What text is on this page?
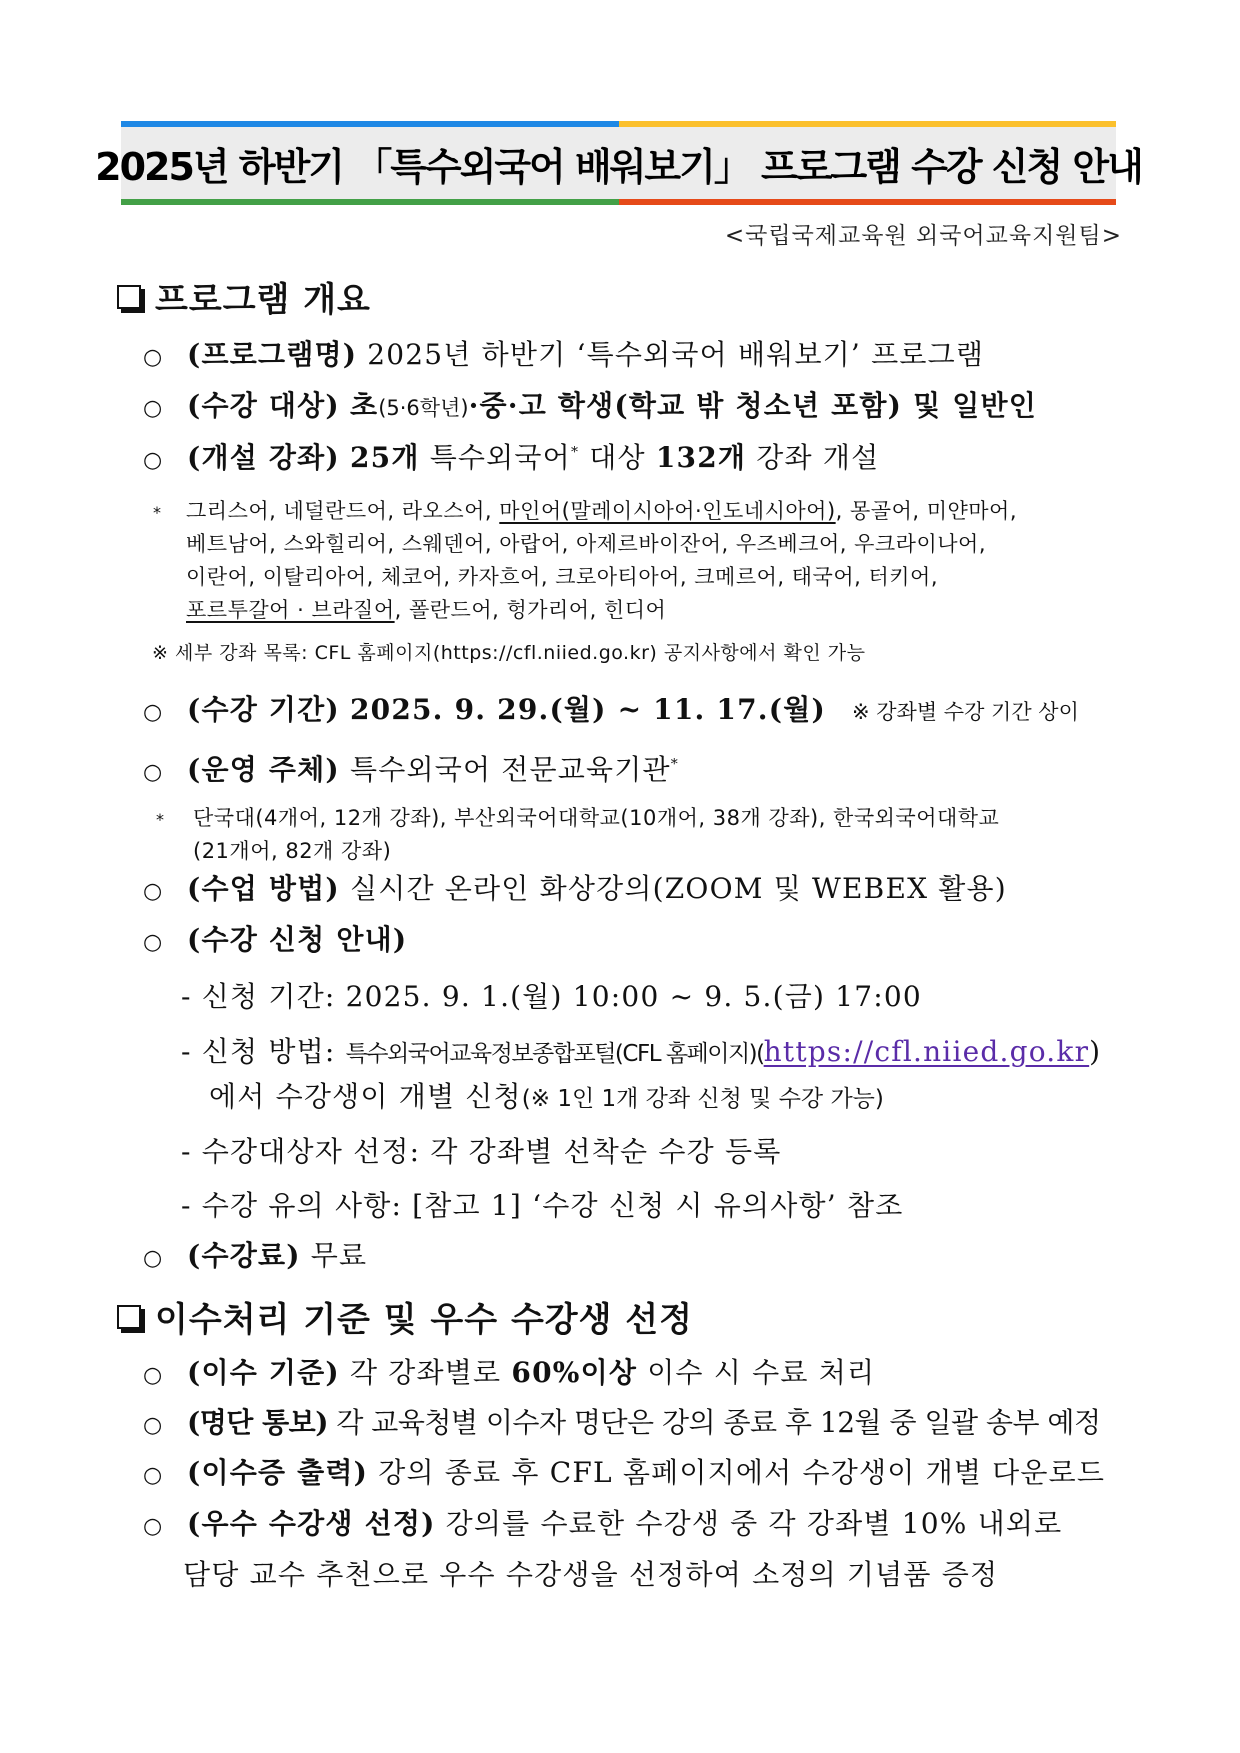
2025년 하반기 「특수외국어 배워보기」 프로그램 수강 신청 안내
<국립국제교육원 외국어교육지원팀>
프로그램 개요
○ (프로그램명) 2025년 하반기 ‘특수외국어 배워보기’ 프로그램
○ (수강 대상) 초(5·6학년)·중·고 학생(학교 밖 청소년 포함) 및 일반인
○ (개설 강좌) 25개 특수외국어* 대상 132개 강좌 개설
* 그리스어, 네덜란드어, 라오스어, 마인어(말레이시아어·인도네시아어), 몽골어, 미얀마어,
베트남어, 스와힐리어, 스웨덴어, 아랍어, 아제르바이잔어, 우즈베크어, 우크라이나어,
이란어, 이탈리아어, 체코어, 카자흐어, 크로아티아어, 크메르어, 태국어, 터키어,
포르투갈어 · 브라질어, 폴란드어, 헝가리어, 힌디어
※ 세부 강좌 목록: CFL 홈페이지(https://cfl.niied.go.kr) 공지사항에서 확인 가능
○ (수강 기간) 2025. 9. 29.(월) ~ 11. 17.(월) ※ 강좌별 수강 기간 상이
○ (운영 주체) 특수외국어 전문교육기관*
* 단국대(4개어, 12개 강좌), 부산외국어대학교(10개어, 38개 강좌), 한국외국어대학교
(21개어, 82개 강좌)
○ (수업 방법) 실시간 온라인 화상강의(ZOOM 및 WEBEX 활용)
○ (수강 신청 안내)
- 신청 기간: 2025. 9. 1.(월) 10:00 ~ 9. 5.(금) 17:00
- 신청 방법: 특수외국어교육정보종합포털(CFL 홈페이지)(https://cfl.niied.go.kr)
에서 수강생이 개별 신청(※ 1인 1개 강좌 신청 및 수강 가능)
- 수강대상자 선정: 각 강좌별 선착순 수강 등록
- 수강 유의 사항: [참고 1] ‘수강 신청 시 유의사항’ 참조
○ (수강료) 무료
이수처리 기준 및 우수 수강생 선정
○ (이수 기준) 각 강좌별로 60%이상 이수 시 수료 처리
○ (명단 통보) 각 교육청별 이수자 명단은 강의 종료 후 12월 중 일괄 송부 예정
○ (이수증 출력) 강의 종료 후 CFL 홈페이지에서 수강생이 개별 다운로드
○ (우수 수강생 선정) 강의를 수료한 수강생 중 각 강좌별 10% 내외로
담당 교수 추천으로 우수 수강생을 선정하여 소정의 기념품 증정
